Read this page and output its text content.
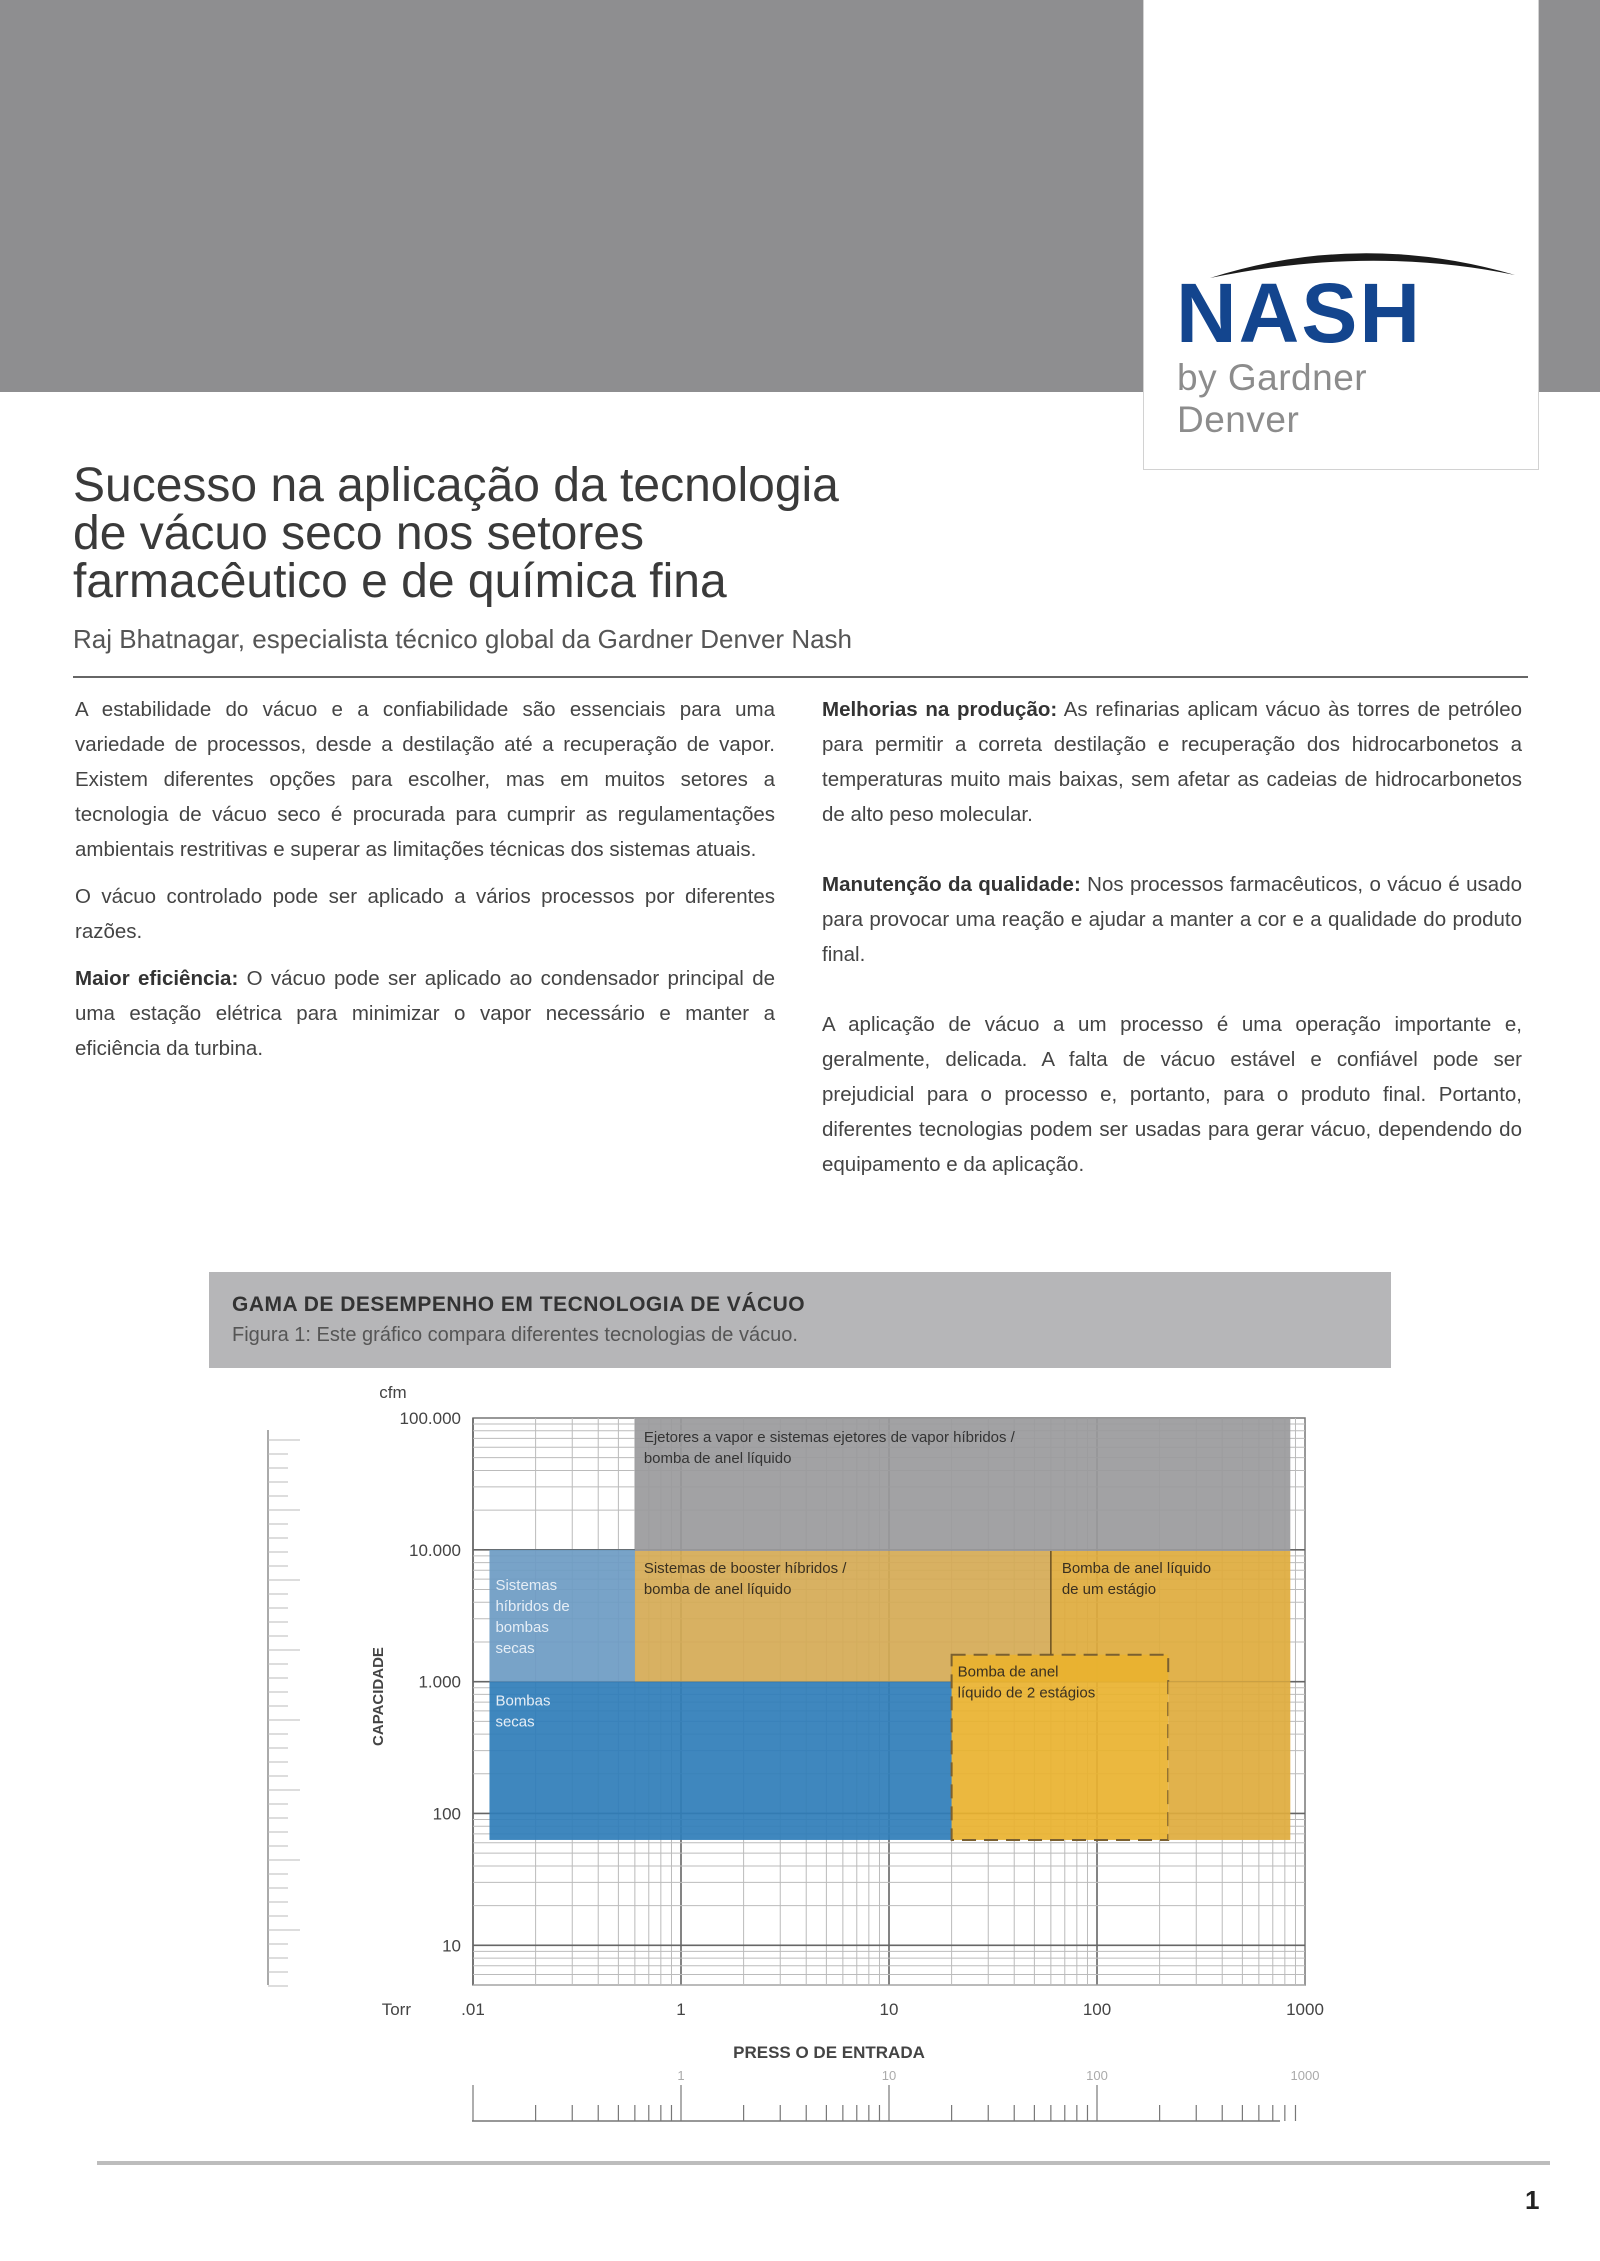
NASH
by Gardner Denver
Sucesso na aplicação da tecnologia
de vácuo seco nos setores
farmacêutico e de química fina
Raj Bhatnagar, especialista técnico global da Gardner Denver Nash

A estabilidade do vácuo e a confiabilidade são essenciais para uma variedade de processos, desde a destilação até a recuperação de vapor. Existem diferentes opções para escolher, mas em muitos setores a tecnologia de vácuo seco é procurada para cumprir as regulamentações ambientais restritivas e superar as limitações técnicas dos sistemas atuais.

O vácuo controlado pode ser aplicado a vários processos por diferentes razões.

Maior eficiência: O vácuo pode ser aplicado ao condensador principal de uma estação elétrica para minimizar o vapor necessário e manter a eficiência da turbina.

Melhorias na produção: As refinarias aplicam vácuo às torres de petróleo para permitir a correta destilação e recuperação dos hidrocarbonetos a temperaturas muito mais baixas, sem afetar as cadeias de hidrocarbonetos de alto peso molecular.

Manutenção da qualidade: Nos processos farmacêuticos, o vácuo é usado para provocar uma reação e ajudar a manter a cor e a qualidade do produto final.

A aplicação de vácuo a um processo é uma operação importante e, geralmente, delicada. A falta de vácuo estável e confiável pode ser prejudicial para o processo e, portanto, para o produto final. Portanto, diferentes tecnologias podem ser usadas para gerar vácuo, dependendo do equipamento e da aplicação.

GAMA DE DESEMPENHO EM TECNOLOGIA DE VÁCUO
Figura 1: Este gráfico compara diferentes tecnologias de vácuo.
Ejetores a vapor e sistemas ejetores de vapor híbridos /
bomba de anel líquido
Sistemas de booster híbridos /
bomba de anel líquido
Bomba de anel líquido
de um estágio
Bomba de anel
líquido de 2 estágios
Sistemas
híbridos de
bombas
secas
Bombas
secas
.01	1	10	100	1000
Torr
PRESS O DE ENTRADA
10
100
1.000
10.000
100.000
cfm
CAPACIDADE
1	10	100	1000
1
